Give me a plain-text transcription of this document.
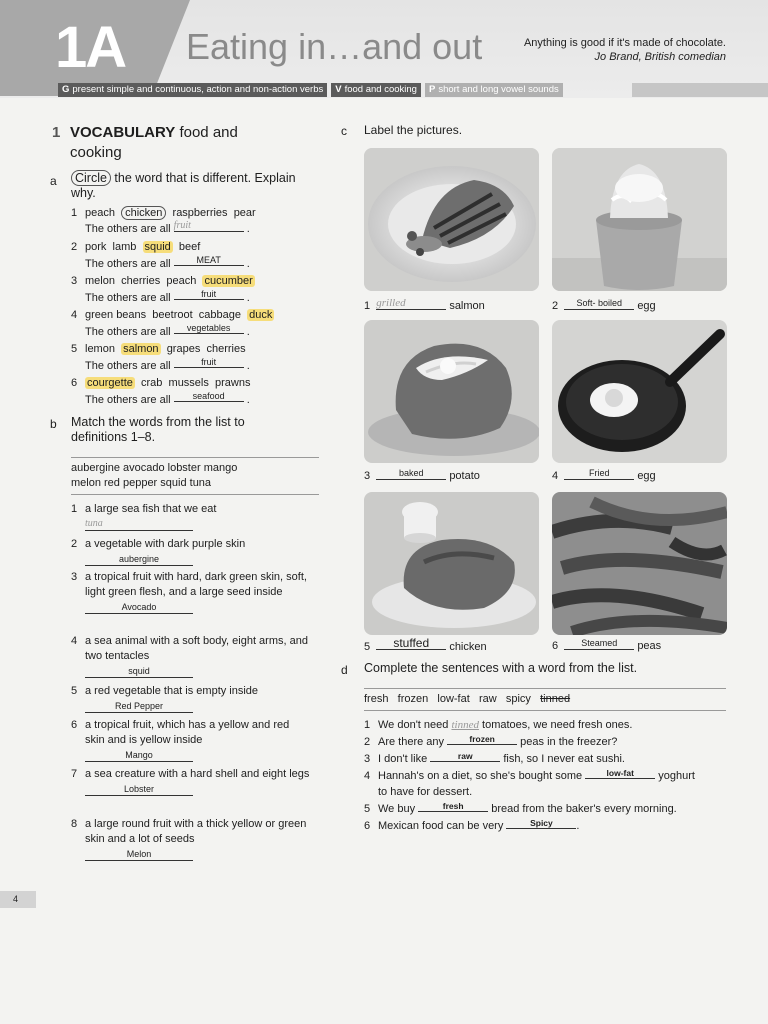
1A Eating in…and out	Anything is good if it's made of chocolate.
Jo Brand, British comedian
G present simple and continuous, action and non-action verbs	V food and cooking	P short and long vowel sounds
1 VOCABULARY food and cooking
a	Circle the word that is different. Explain why.
1 peach chicken raspberries pear
The others are all fruit	.
2 pork lamb squid beef
The others are all	MEAT .
3 melon cherries peach cucumber
The others are all	fruit	.
4 green beans beetroot cabbage duck
The others are all vegetables .
5 lemon salmon grapes cherries
The others are all	fruit	.
6 courgette crab mussels prawns
The others are all seafood .
b Match the words from the list to definitions 1–8.
aubergine avocado lobster mango
melon red pepper squid tuna
1 a large sea fish that we eat
tuna
2 a vegetable with dark purple skin
aubergine
3 a tropical fruit with hard, dark green skin, soft, light green flesh, and a large seed inside
Avocado
4 a sea animal with a soft body, eight arms, and two tentacles
squid
5 a red vegetable that is empty inside
Red Pepper
6 a tropical fruit, which has a yellow and red skin and is yellow inside
Mango
7 a sea creature with a hard shell and eight legs
Lobster
8 a large round fruit with a thick yellow or green skin and a lot of seeds
Melon
c Label the pictures.
1 grilled	salmon	2 Soft- boiled egg
3	baked potato	4	Fried	egg
5 stuffed chicken	6	Steamed peas
d Complete the sentences with a word from the list.
fresh frozen low-fat raw spicy tinned
1 We don't need tinned tomatoes, we need fresh ones.
2 Are there any	frozen peas in the freezer?
3 I don't like	raw	fish, so I never eat sushi.
4 Hannah's on a diet, so she's bought some	low-fat yoghurt
to have for dessert.
5 We buy	fresh	bread from the baker's every morning.
6 Mexican food can be very	Spicy .
4
